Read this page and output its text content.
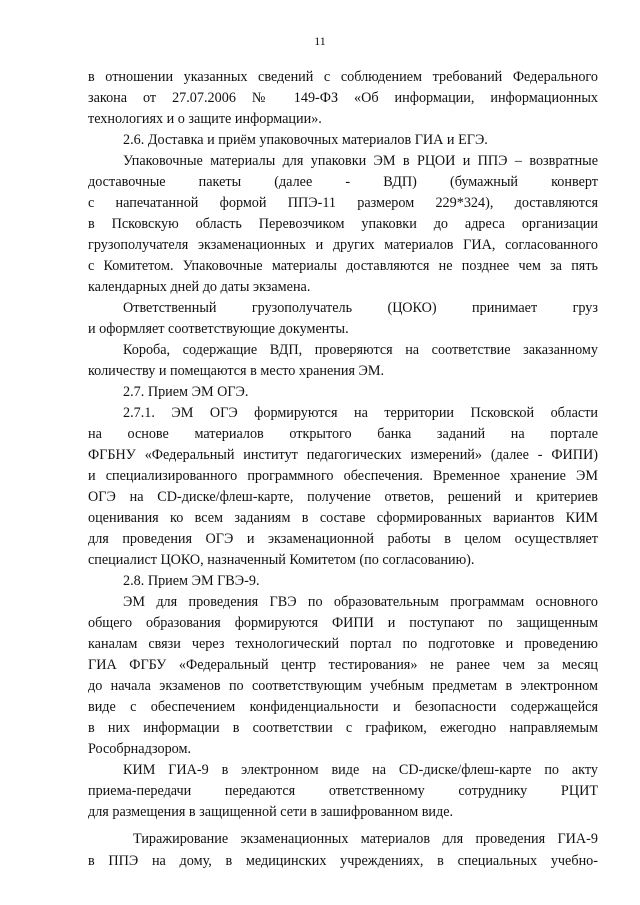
11
в отношении указанных сведений с соблюдением требований Федерального
закона от 27.07.2006 № 149-ФЗ «Об информации, информационных
технологиях и о защите информации».
2.6. Доставка и приём упаковочных материалов ГИА и ЕГЭ.
Упаковочные материалы для упаковки ЭМ в РЦОИ и ППЭ – возвратные
доставочные пакеты (далее - ВДП) (бумажный конверт
с напечатанной формой ППЭ-11 размером 229*324), доставляются
в Псковскую область Перевозчиком упаковки до адреса организации
грузополучателя экзаменационных и других материалов ГИА, согласованного
с Комитетом. Упаковочные материалы доставляются не позднее чем за пять
календарных дней до даты экзамена.
Ответственный грузополучатель (ЦОКО) принимает груз
и оформляет соответствующие документы.
Короба, содержащие ВДП, проверяются на соответствие заказанному
количеству и помещаются в место хранения ЭМ.
2.7. Прием ЭМ ОГЭ.
2.7.1. ЭМ ОГЭ формируются на территории Псковской области
на основе материалов открытого банка заданий на портале
ФГБНУ «Федеральный институт педагогических измерений» (далее - ФИПИ)
и специализированного программного обеспечения. Временное хранение ЭМ
ОГЭ на CD-диске/флеш-карте, получение ответов, решений и критериев
оценивания ко всем заданиям в составе сформированных вариантов КИМ
для проведения ОГЭ и экзаменационной работы в целом осуществляет
специалист ЦОКО, назначенный Комитетом (по согласованию).
2.8. Прием ЭМ ГВЭ-9.
ЭМ для проведения ГВЭ по образовательным программам основного
общего образования формируются ФИПИ и поступают по защищенным
каналам связи через технологический портал по подготовке и проведению
ГИА ФГБУ «Федеральный центр тестирования» не ранее чем за месяц
до начала экзаменов по соответствующим учебным предметам в электронном
виде с обеспечением конфиденциальности и безопасности содержащейся
в них информации в соответствии с графиком, ежегодно направляемым
Рособрнадзором.
КИМ ГИА-9 в электронном виде на CD-диске/флеш-карте по акту
приема-передачи передаются ответственному сотруднику РЦИТ
для размещения в защищенной сети в зашифрованном виде.
Тиражирование экзаменационных материалов для проведения ГИА-9
в ППЭ на дому, в медицинских учреждениях, в специальных учебно-
